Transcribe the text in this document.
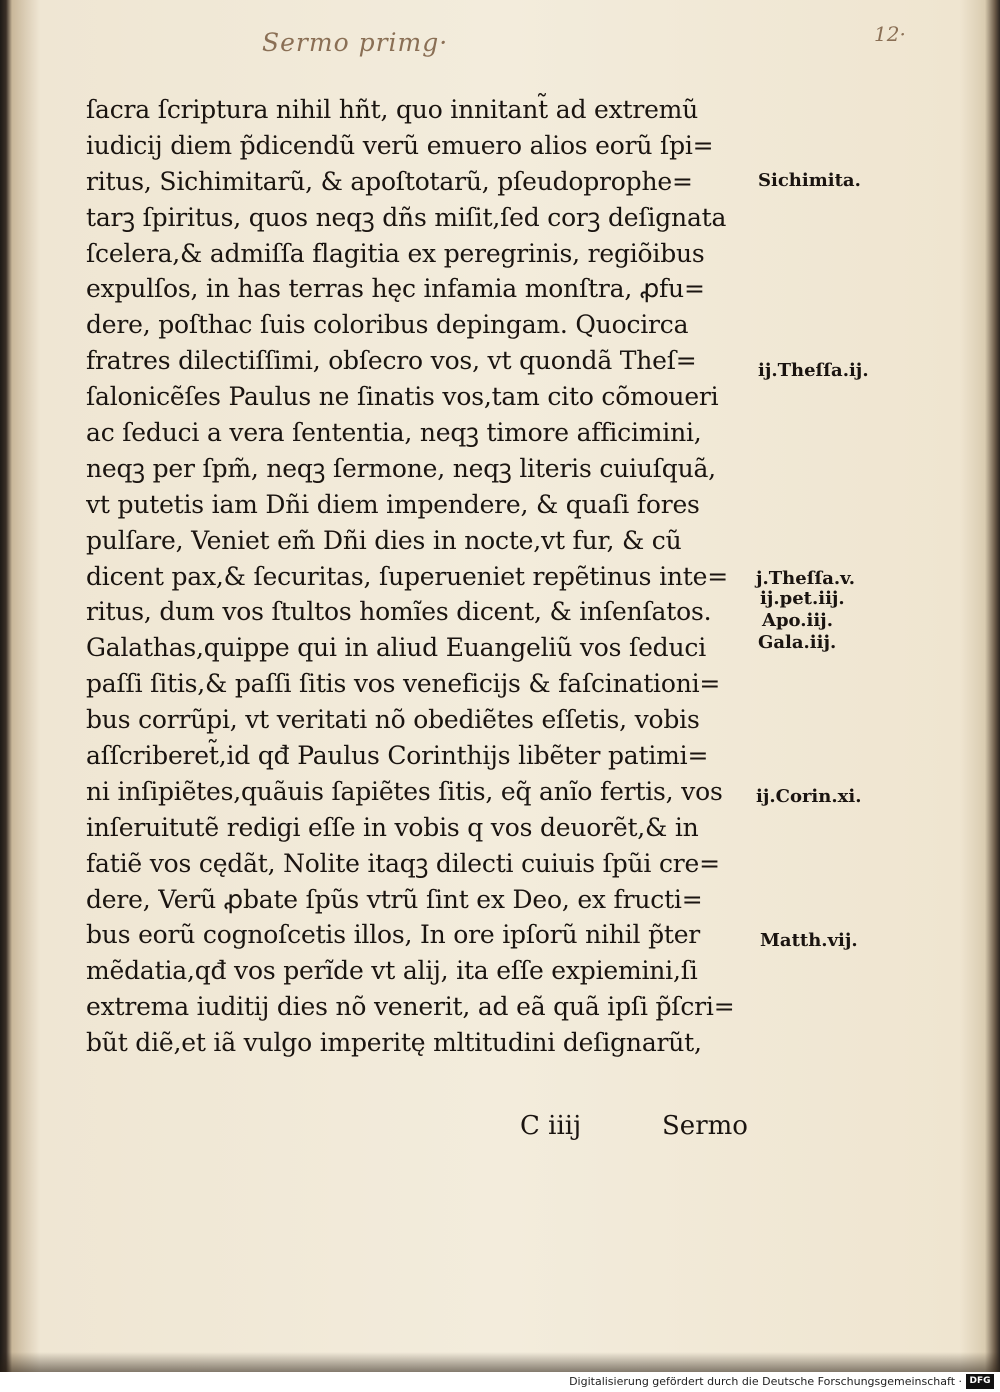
Sermo primg·	12·
ſacra ſcriptura nihil hñt, quo innitant̃ ad extremũ
iudicij diem p̃dicendũ verũ emuero alios eorũ ſpi=
ritus, Sichimitarũ, & apoſtotarũ, pſeudoprophe=
tarꝫ ſpiritus, quos neqꝫ dñs miſit,ſed corꝫ deſignata
ſcelera,& admiſſa flagitia ex peregrinis, regiõibus
expulſos, in has terras hęc infamia monſtra, ꝓfu=
dere, poſthac ſuis coloribus depingam. Quocirca
fratres dilectiſſimi, obſecro vos, vt quondã Theſ=
ſalonicẽſes Paulus ne ſinatis vos,tam cito cõmoueri
ac ſeduci a vera ſententia, neqꝫ timore afficimini,
neqꝫ per ſpm̃, neqꝫ ſermone, neqꝫ literis cuiuſquã,
vt putetis iam Dñi diem impendere, & quaſi fores
pulſare, Veniet em̃ Dñi dies in nocte,vt fur, & cũ
dicent pax,& ſecuritas, ſuperueniet repẽtinus inte=
ritus, dum vos ſtultos homĩes dicent, & inſenſatos.
Galathas,quippe qui in aliud Euangeliũ vos ſeduci
paſſi ſitis,& paſſi ſitis vos veneficijs & faſcinationi=
bus corrũpi, vt veritati nõ obediẽtes eſſetis, vobis
aſſcriberet̃,id qđ Paulus Corinthijs libẽter patimi=
ni inſipiẽtes,quãuis ſapiẽtes ſitis, eq̃ anĩo fertis, vos
inſeruitutẽ redigi eſſe in vobis q vos deuorẽt,& in
fatiẽ vos cędãt, Nolite itaqꝫ dilecti cuiuis ſpũi cre=
dere, Verũ ꝓbate ſpũs vtrũ ſint ex Deo, ex fructi=
bus eorũ cognoſcetis illos, In ore ipſorũ nihil p̃ter
mẽdatia,qđ vos perĩde vt alij, ita eſſe expiemini,ſi
extrema iuditij dies nõ venerit, ad eã quã ipſi p̃ſcri=
bũt diẽ,et iã vulgo imperitę mltitudini deſignarũt,
C iiij	Sermo
Sichimita.
ij.Theſſa.ij.
j.Theſſa.v.
ij.pet.iij.
Apo.iij.
Gala.iij.
ij.Corin.xi.
Matth.vij.
Digitalisierung gefördert durch die Deutsche Forschungsgemeinschaft · DFG
